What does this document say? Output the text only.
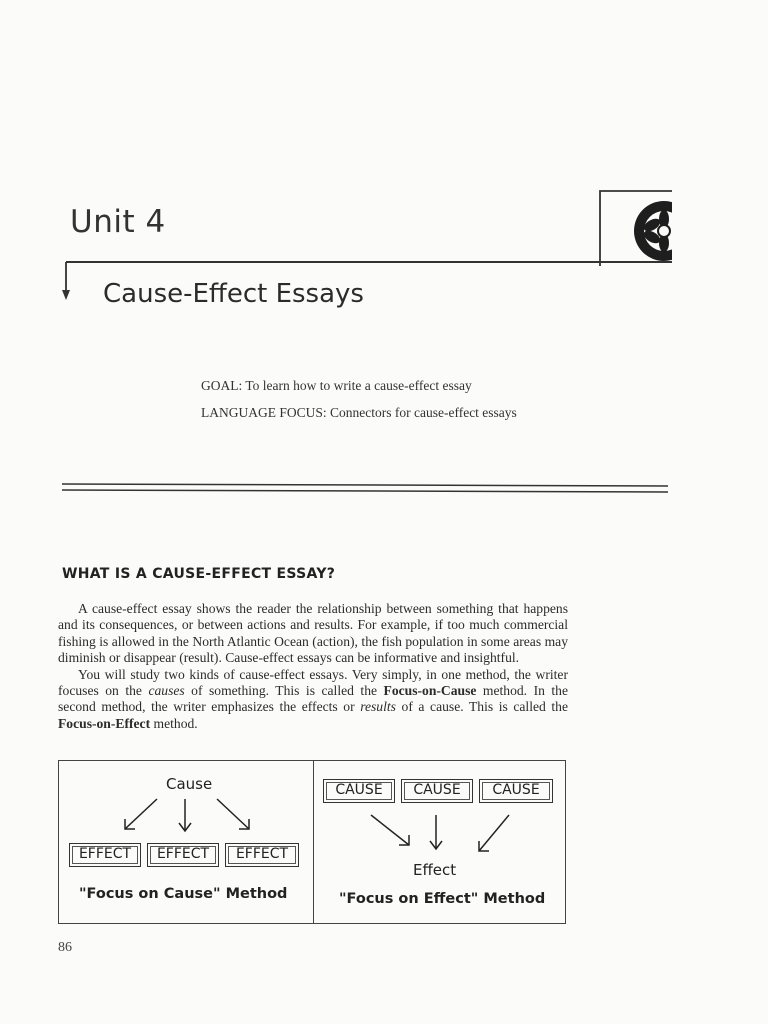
Unit 4
Cause-Effect Essays
GOAL: To learn how to write a cause-effect essay
LANGUAGE FOCUS: Connectors for cause-effect essays
WHAT IS A CAUSE-EFFECT ESSAY?

A cause-effect essay shows the reader the relationship between something that happens and its consequences, or between actions and results. For example, if too much commercial fishing is allowed in the North Atlantic Ocean (action), the fish population in some areas may diminish or disappear (result). Cause-effect essays can be informative and insightful.

You will study two kinds of cause-effect essays. Very simply, in one method, the writer focuses on the causes of something. This is called the Focus-on-Cause method. In the second method, the writer emphasizes the effects or results of a cause. This is called the Focus-on-Effect method.

Cause
EFFECT	EFFECT	EFFECT
"Focus on Cause" Method
CAUSE	CAUSE	CAUSE
Effect
"Focus on Effect" Method
86
